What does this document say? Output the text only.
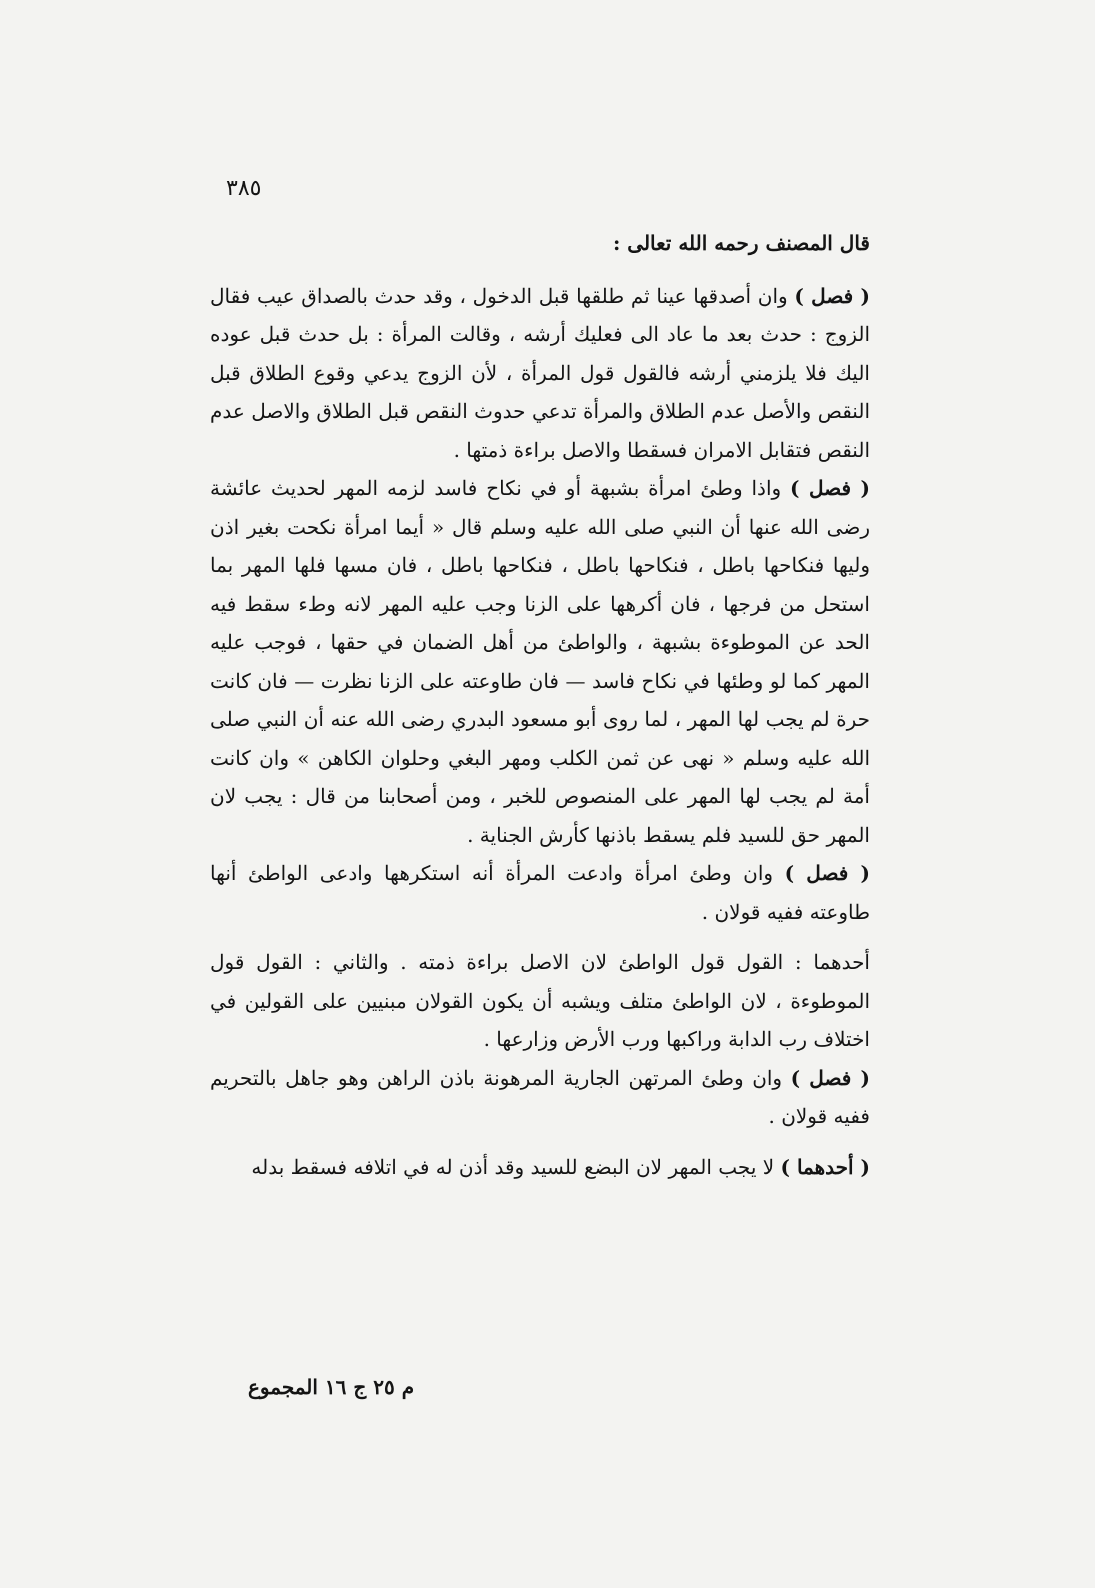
٣٨٥

قال المصنف رحمه الله تعالى :

( فصل ) وان أصدقها عينا ثم طلقها قبل الدخول ، وقد حدث بالصداق عيب فقال الزوج : حدث بعد ما عاد الى فعليك أرشه ، وقالت المرأة : بل حدث قبل عوده اليك فلا يلزمني أرشه فالقول قول المرأة ، لأن الزوج يدعي وقوع الطلاق قبل النقص والأصل عدم الطلاق والمرأة تدعي حدوث النقص قبل الطلاق والاصل عدم النقص فتقابل الامران فسقطا والاصل براءة ذمتها .

( فصل ) واذا وطئ امرأة بشبهة أو في نكاح فاسد لزمه المهر لحديث عائشة رضى الله عنها أن النبي صلى الله عليه وسلم قال « أيما امرأة نكحت بغير اذن وليها فنكاحها باطل ، فنكاحها باطل ، فنكاحها باطل ، فان مسها فلها المهر بما استحل من فرجها ، فان أكرهها على الزنا وجب عليه المهر لانه وطء سقط فيه الحد عن الموطوءة بشبهة ، والواطئ من أهل الضمان في حقها ، فوجب عليه المهر كما لو وطئها في نكاح فاسد — فان طاوعته على الزنا نظرت — فان كانت حرة لم يجب لها المهر ، لما روى أبو مسعود البدري رضى الله عنه أن النبي صلى الله عليه وسلم « نهى عن ثمن الكلب ومهر البغي وحلوان الكاهن » وان كانت أمة لم يجب لها المهر على المنصوص للخبر ، ومن أصحابنا من قال : يجب لان المهر حق للسيد فلم يسقط باذنها كأرش الجناية .

( فصل ) وان وطئ امرأة وادعت المرأة أنه استكرهها وادعى الواطئ أنها طاوعته ففيه قولان .

أحدهما : القول قول الواطئ لان الاصل براءة ذمته . والثاني : القول قول الموطوءة ، لان الواطئ متلف ويشبه أن يكون القولان مبنيين على القولين في اختلاف رب الدابة وراكبها ورب الأرض وزارعها .

( فصل ) وان وطئ المرتهن الجارية المرهونة باذن الراهن وهو جاهل بالتحريم ففيه قولان .

( أحدهما ) لا يجب المهر لان البضع للسيد وقد أذن له في اتلافه فسقط بدله

م ٢٥ ج ١٦ المجموع
